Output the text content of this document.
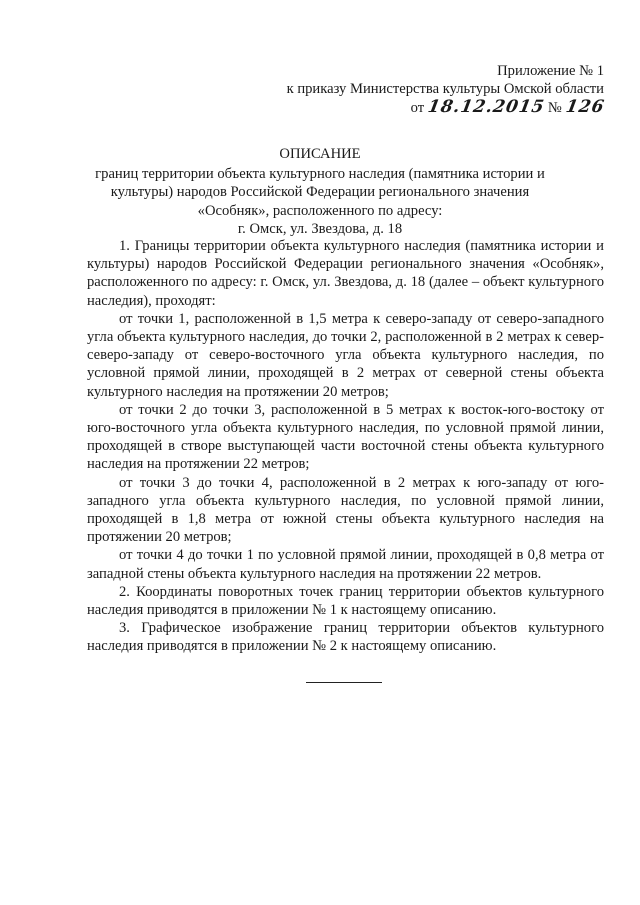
Приложение № 1
к приказу Министерства культуры Омской области
от 18.12.2015 № 126
ОПИСАНИЕ
границ территории объекта культурного наследия (памятника истории и
культуры) народов Российской Федерации регионального значения
«Особняк», расположенного по адресу:
г. Омск, ул. Звездова, д. 18

1. Границы территории объекта культурного наследия (памятника истории и культуры) народов Российской Федерации регионального значения «Особняк», расположенного по адресу: г. Омск, ул. Звездова, д. 18 (далее – объект культурного наследия), проходят:

от точки 1, расположенной в 1,5 метра к северо-западу от северо-западного угла объекта культурного наследия, до точки 2, расположенной в 2 метрах к север-северо-западу от северо-восточного угла объекта культурного наследия, по условной прямой линии, проходящей в 2 метрах от северной стены объекта культурного наследия на протяжении 20 метров;

от точки 2 до точки 3, расположенной в 5 метрах к восток-юго-востоку от юго-восточного угла объекта культурного наследия, по условной прямой линии, проходящей в створе выступающей части восточной стены объекта культурного наследия на протяжении 22 метров;

от точки 3 до точки 4, расположенной в 2 метрах к юго-западу от юго-западного угла объекта культурного наследия, по условной прямой линии, проходящей в 1,8 метра от южной стены объекта культурного наследия на протяжении 20 метров;

от точки 4 до точки 1 по условной прямой линии, проходящей в 0,8 метра от западной стены объекта культурного наследия на протяжении 22 метров.

2. Координаты поворотных точек границ территории объектов культурного наследия приводятся в приложении № 1 к настоящему описанию.

3. Графическое изображение границ территории объектов культурного наследия приводятся в приложении № 2 к настоящему описанию.
